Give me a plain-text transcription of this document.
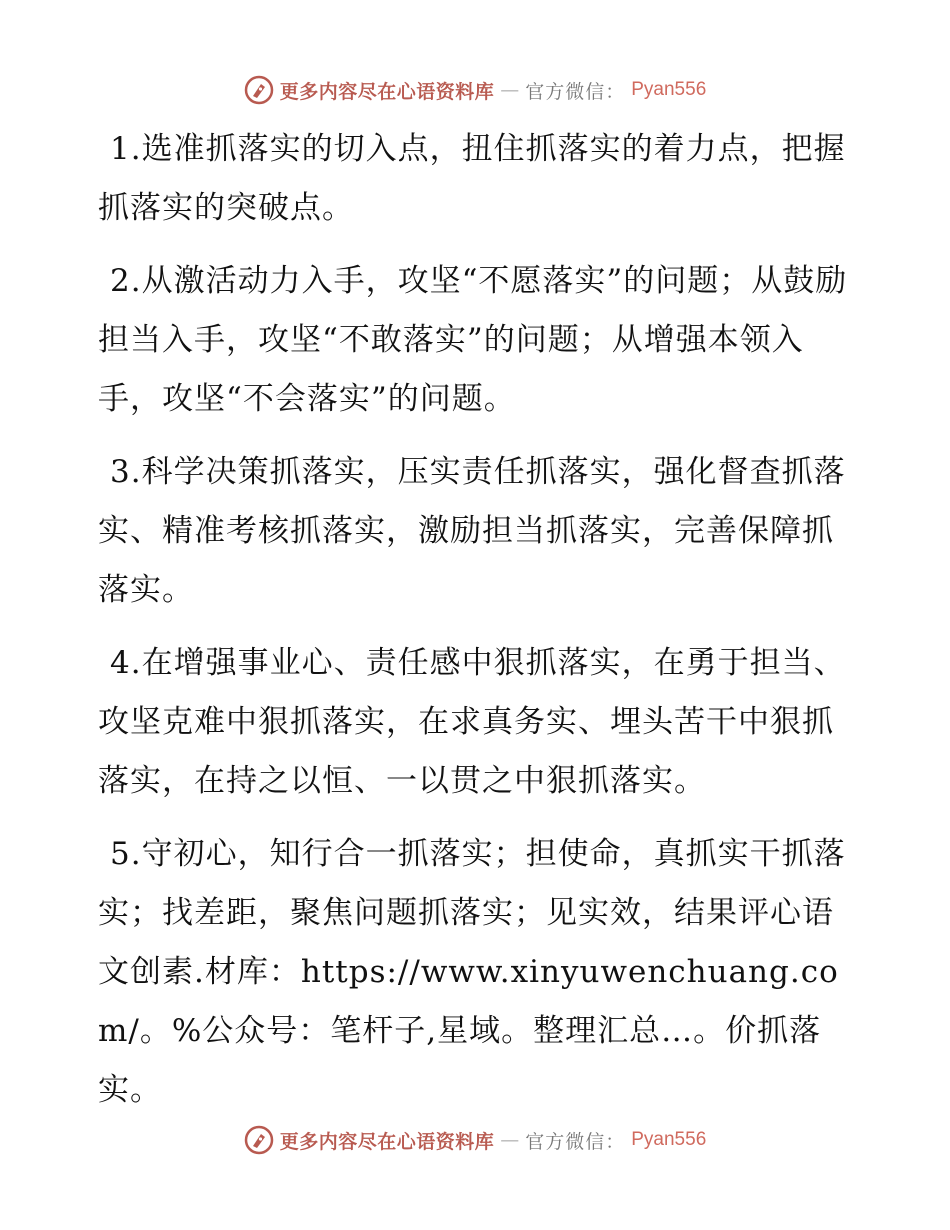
更多内容尽在心语资料库 — 官方微信： Pyan556

1.选准抓落实的切入点，扭住抓落实的着力点，把握抓落实的突破点。

2.从激活动力入手，攻坚“不愿落实”的问题；从鼓励担当入手，攻坚“不敢落实”的问题；从增强本领入手，攻坚“不会落实”的问题。

3.科学决策抓落实，压实责任抓落实，强化督查抓落实、精准考核抓落实，激励担当抓落实，完善保障抓落实。

4.在增强事业心、责任感中狠抓落实，在勇于担当、攻坚克难中狠抓落实，在求真务实、埋头苦干中狠抓落实，在持之以恒、一以贯之中狠抓落实。

5.守初心，知行合一抓落实；担使命，真抓实干抓落实；找差距，聚焦问题抓落实；见实效，结果评心语文创素.材库：https://www.xinyuwenchuang.com/。%公众号：笔杆子,星域。整理汇总…。价抓落实。

更多内容尽在心语资料库 — 官方微信： Pyan556
